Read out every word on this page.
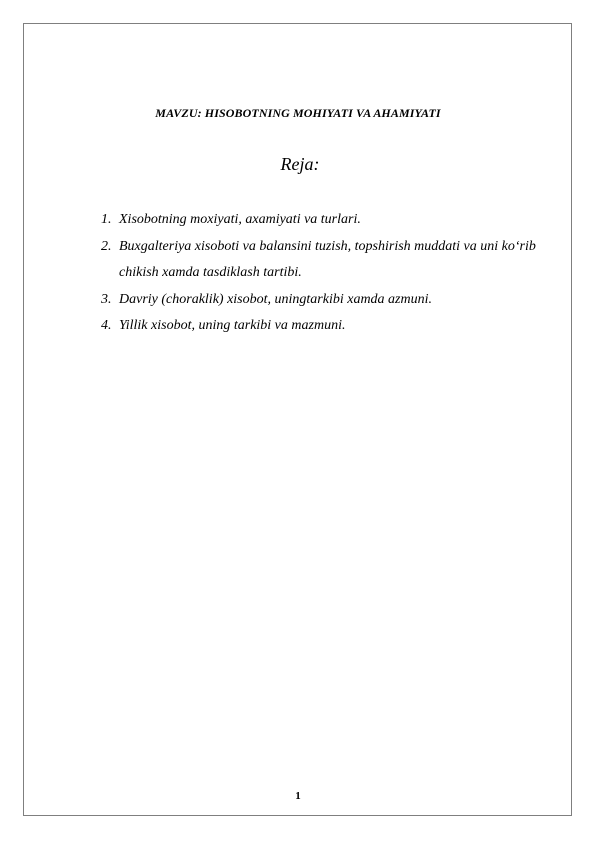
MAVZU: HISOBOTNING MOHIYATI VA AHAMIYATI
Reja:
1. Xisobotning moxiyati, axamiyati va turlari.
2. Buxgalteriya xisoboti va balansini tuzish, topshirish muddati va uni ko‘rib chikish xamda tasdiklash tartibi.
3. Davriy (choraklik) xisobot, uningtarkibi xamda azmuni.
4. Yillik xisobot, uning tarkibi va mazmuni.
1
